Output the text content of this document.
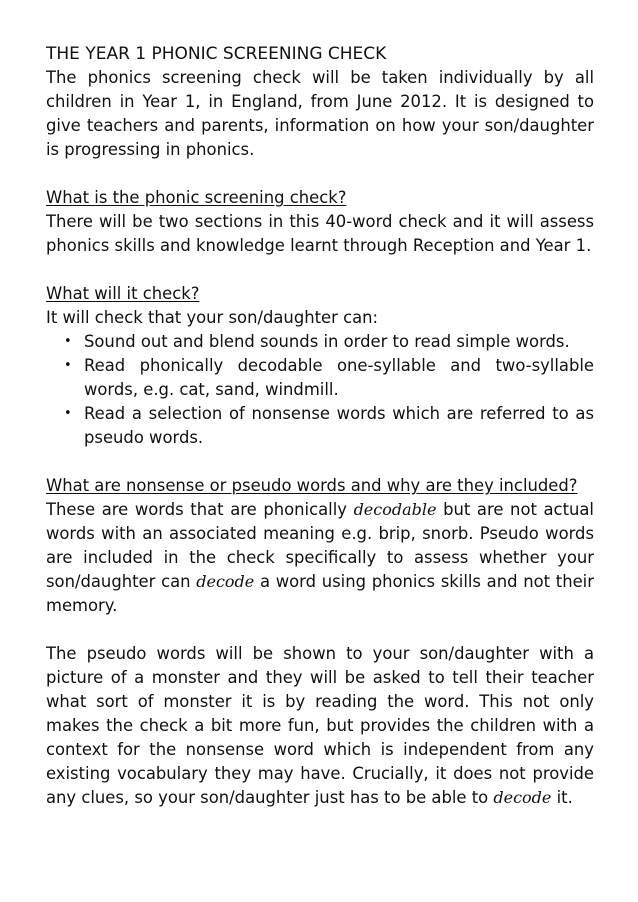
THE YEAR 1 PHONIC SCREENING CHECK

The phonics screening check will be taken individually by all children in Year 1, in England, from June 2012. It is designed to give teachers and parents, information on how your son/daughter is progressing in phonics.

What is the phonic screening check?

There will be two sections in this 40-word check and it will assess phonics skills and knowledge learnt through Reception and Year 1.

What will it check?

It will check that your son/daughter can:

• Sound out and blend sounds in order to read simple words.
• Read phonically decodable one-syllable and two-syllable words, e.g. cat, sand, windmill.
• Read a selection of nonsense words which are referred to as pseudo words.

What are nonsense or pseudo words and why are they included?

These are words that are phonically decodable but are not actual words with an associated meaning e.g. brip, snorb. Pseudo words are included in the check specifically to assess whether your son/daughter can decode a word using phonics skills and not their memory.

The pseudo words will be shown to your son/daughter with a picture of a monster and they will be asked to tell their teacher what sort of monster it is by reading the word. This not only makes the check a bit more fun, but provides the children with a context for the nonsense word which is independent from any existing vocabulary they may have. Crucially, it does not provide any clues, so your son/daughter just has to be able to decode it.
